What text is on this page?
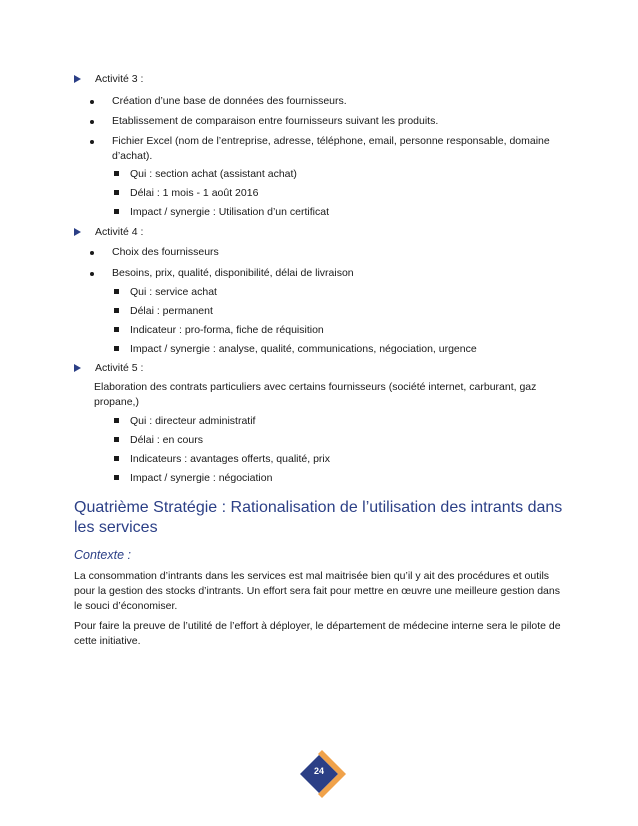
Activité 3 :
Création d’une base de données des fournisseurs.
Etablissement de comparaison entre fournisseurs suivant les produits.
Fichier Excel (nom de l’entreprise, adresse, téléphone, email, personne responsable, domaine d’achat).
Qui : section achat (assistant achat)
Délai : 1 mois - 1 août 2016
Impact / synergie : Utilisation d’un certificat
Activité 4 :
Choix des fournisseurs
Besoins, prix, qualité, disponibilité, délai de livraison
Qui : service achat
Délai : permanent
Indicateur : pro-forma, fiche de réquisition
Impact / synergie : analyse, qualité, communications, négociation, urgence
Activité 5 :
Elaboration des contrats particuliers avec certains fournisseurs (société internet, carburant, gaz propane,)
Qui : directeur administratif
Délai : en cours
Indicateurs : avantages offerts, qualité, prix
Impact / synergie : négociation
Quatrième Stratégie : Rationalisation de l’utilisation des intrants dans les services
Contexte :
La consommation d’intrants dans les services est mal maitrisée bien qu’il y ait des procédures et outils pour la gestion des stocks d’intrants. Un effort sera fait pour mettre en œuvre une meilleure gestion dans le souci d’économiser.
Pour faire la preuve de l’utilité de l’effort à déployer, le département de médecine interne sera le pilote de cette initiative.
24
